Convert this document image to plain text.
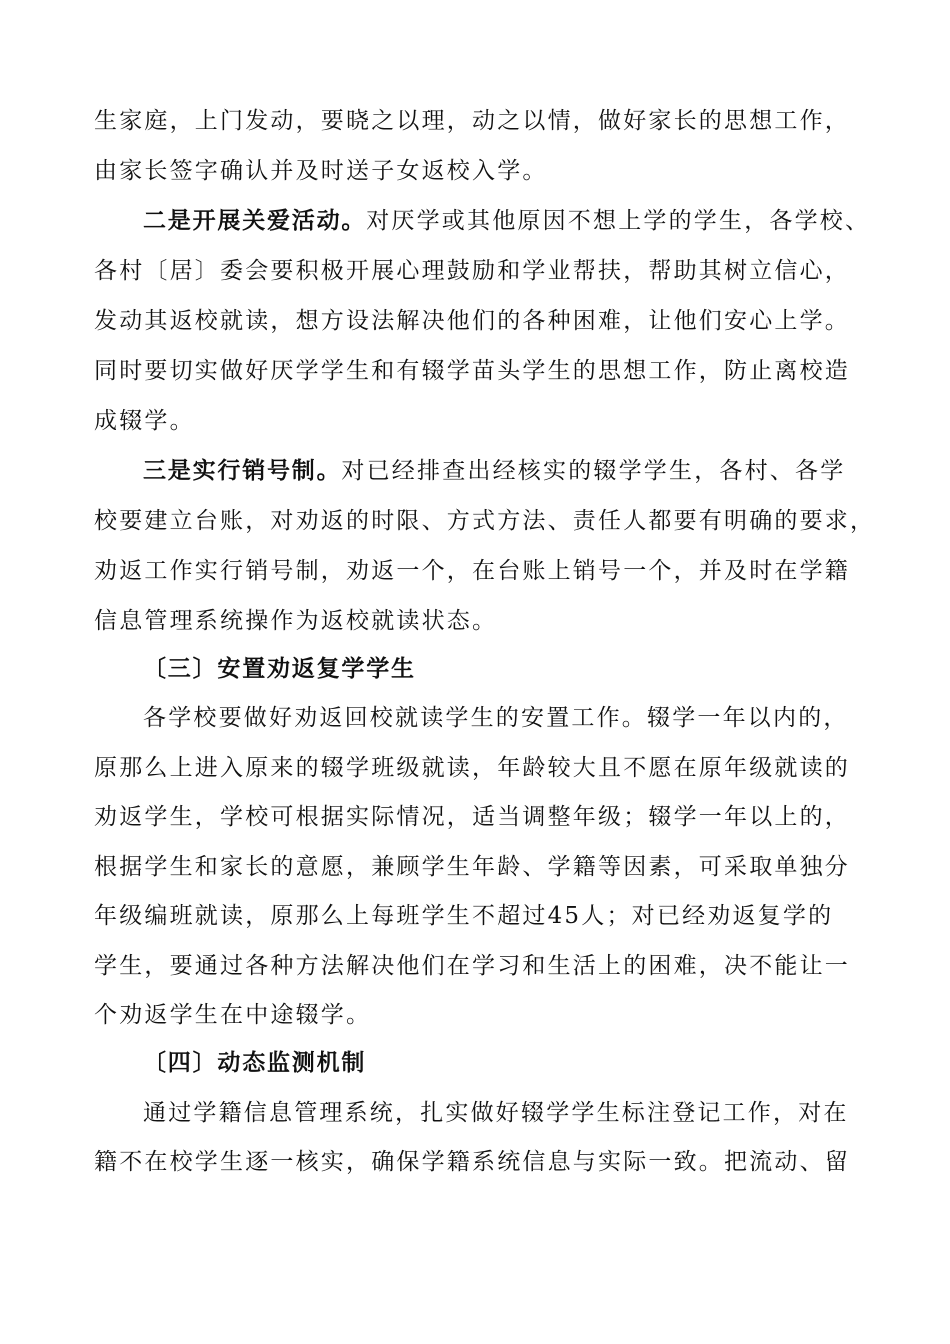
生家庭，上门发动，要晓之以理，动之以情，做好家长的思想工作，
由家长签字确认并及时送子女返校入学。
二是开展关爱活动。对厌学或其他原因不想上学的学生，各学校、
各村〔居〕委会要积极开展心理鼓励和学业帮扶，帮助其树立信心，
发动其返校就读，想方设法解决他们的各种困难，让他们安心上学。
同时要切实做好厌学学生和有辍学苗头学生的思想工作，防止离校造
成辍学。
三是实行销号制。对已经排查出经核实的辍学学生，各村、各学
校要建立台账，对劝返的时限、方式方法、责任人都要有明确的要求，
劝返工作实行销号制，劝返一个，在台账上销号一个，并及时在学籍
信息管理系统操作为返校就读状态。
〔三〕安置劝返复学学生
各学校要做好劝返回校就读学生的安置工作。辍学一年以内的，
原那么上进入原来的辍学班级就读，年龄较大且不愿在原年级就读的
劝返学生，学校可根据实际情况，适当调整年级；辍学一年以上的，
根据学生和家长的意愿，兼顾学生年龄、学籍等因素，可采取单独分
年级编班就读，原那么上每班学生不超过45人；对已经劝返复学的
学生，要通过各种方法解决他们在学习和生活上的困难，决不能让一
个劝返学生在中途辍学。
〔四〕动态监测机制
通过学籍信息管理系统，扎实做好辍学学生标注登记工作，对在
籍不在校学生逐一核实，确保学籍系统信息与实际一致。把流动、留
